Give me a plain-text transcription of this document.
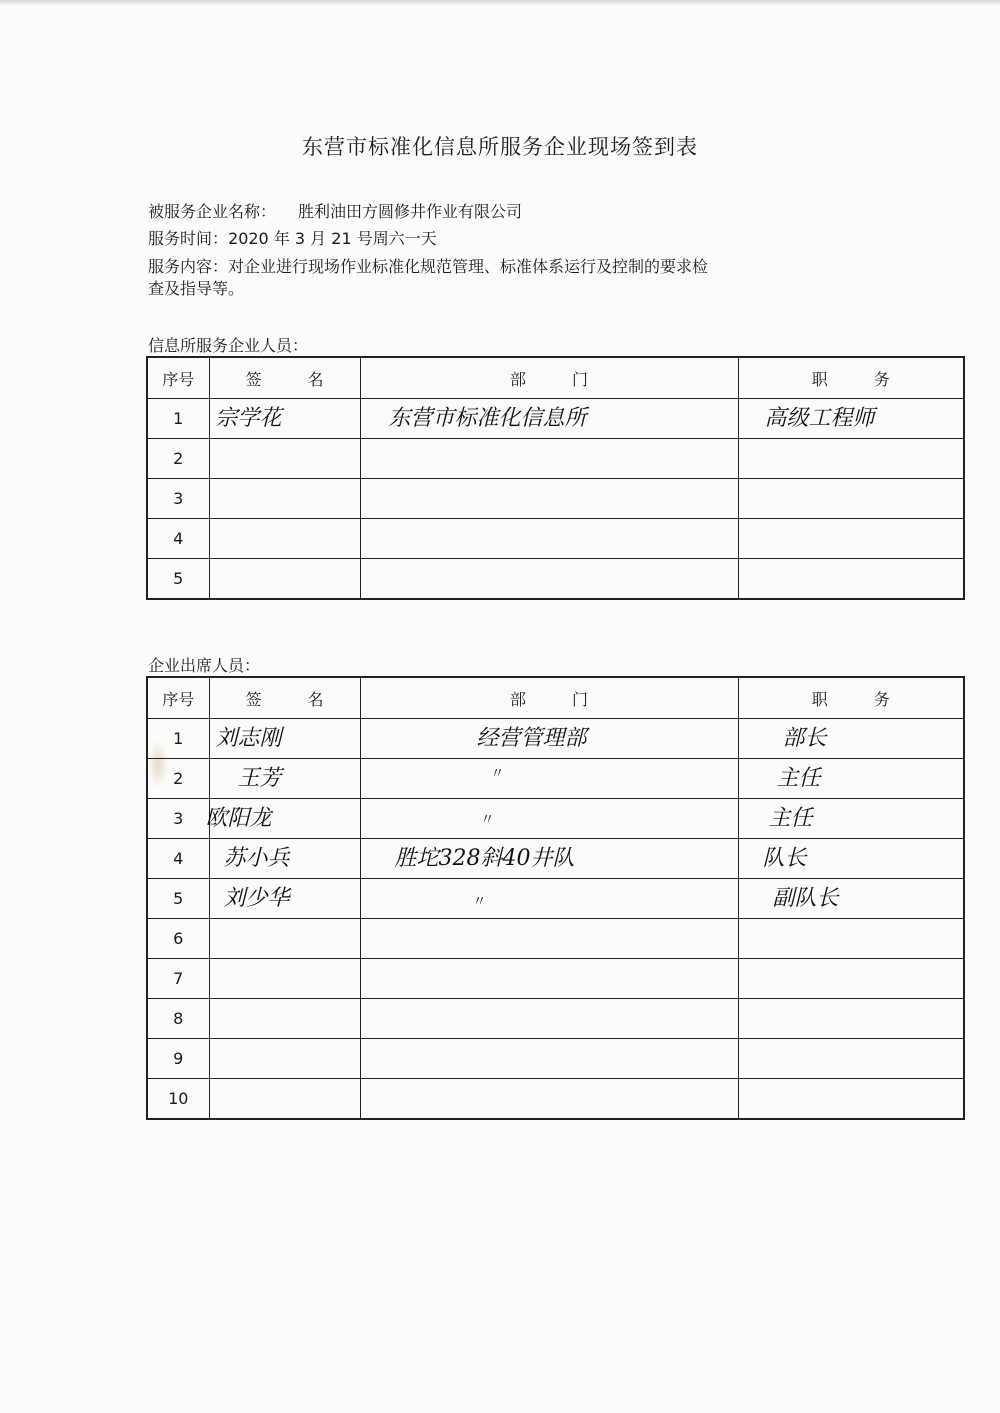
东营市标准化信息所服务企业现场签到表
被服务企业名称： 胜利油田方圆修井作业有限公司
服务时间：2020 年 3 月 21 号周六一天
服务内容：对企业进行现场作业标准化规范管理、标准体系运行及控制的要求检
查及指导等。
信息所服务企业人员：
序号	签 名	部 门	职 务
1	宗学花	东营市标准化信息所	高级工程师

2			
3			
4			
5			
企业出席人员：
序号	签 名	部 门	职 务
1	刘志刚	经营管理部	部长

2	王芳	〃	主任

3	欧阳龙	〃	主任

4	苏小兵	胜坨328斜40井队	队长

5	刘少华	〃	副队长

6			
7			
8			
9			
10			
